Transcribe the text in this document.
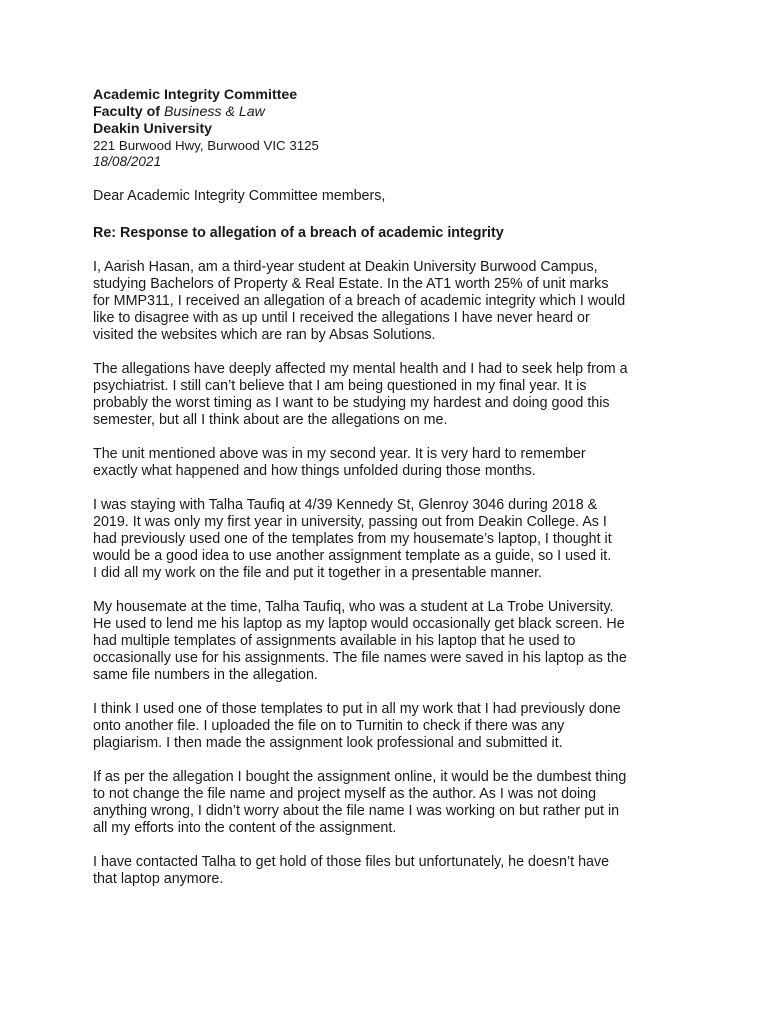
Academic Integrity Committee
Faculty of Business & Law
Deakin University
221 Burwood Hwy, Burwood VIC 3125
18/08/2021
Dear Academic Integrity Committee members,
Re: Response to allegation of a breach of academic integrity
I, Aarish Hasan, am a third-year student at Deakin University Burwood Campus,
studying Bachelors of Property & Real Estate. In the AT1 worth 25% of unit marks
for MMP311, I received an allegation of a breach of academic integrity which I would
like to disagree with as up until I received the allegations I have never heard or
visited the websites which are ran by Absas Solutions.
The allegations have deeply affected my mental health and I had to seek help from a
psychiatrist. I still can’t believe that I am being questioned in my final year. It is
probably the worst timing as I want to be studying my hardest and doing good this
semester, but all I think about are the allegations on me.
The unit mentioned above was in my second year. It is very hard to remember
exactly what happened and how things unfolded during those months.
I was staying with Talha Taufiq at 4/39 Kennedy St, Glenroy 3046 during 2018 &
2019. It was only my first year in university, passing out from Deakin College. As I
had previously used one of the templates from my housemate’s laptop, I thought it
would be a good idea to use another assignment template as a guide, so I used it.
I did all my work on the file and put it together in a presentable manner.
My housemate at the time, Talha Taufiq, who was a student at La Trobe University.
He used to lend me his laptop as my laptop would occasionally get black screen. He
had multiple templates of assignments available in his laptop that he used to
occasionally use for his assignments. The file names were saved in his laptop as the
same file numbers in the allegation.
I think I used one of those templates to put in all my work that I had previously done
onto another file. I uploaded the file on to Turnitin to check if there was any
plagiarism. I then made the assignment look professional and submitted it.
If as per the allegation I bought the assignment online, it would be the dumbest thing
to not change the file name and project myself as the author. As I was not doing
anything wrong, I didn’t worry about the file name I was working on but rather put in
all my efforts into the content of the assignment.
I have contacted Talha to get hold of those files but unfortunately, he doesn’t have
that laptop anymore.
